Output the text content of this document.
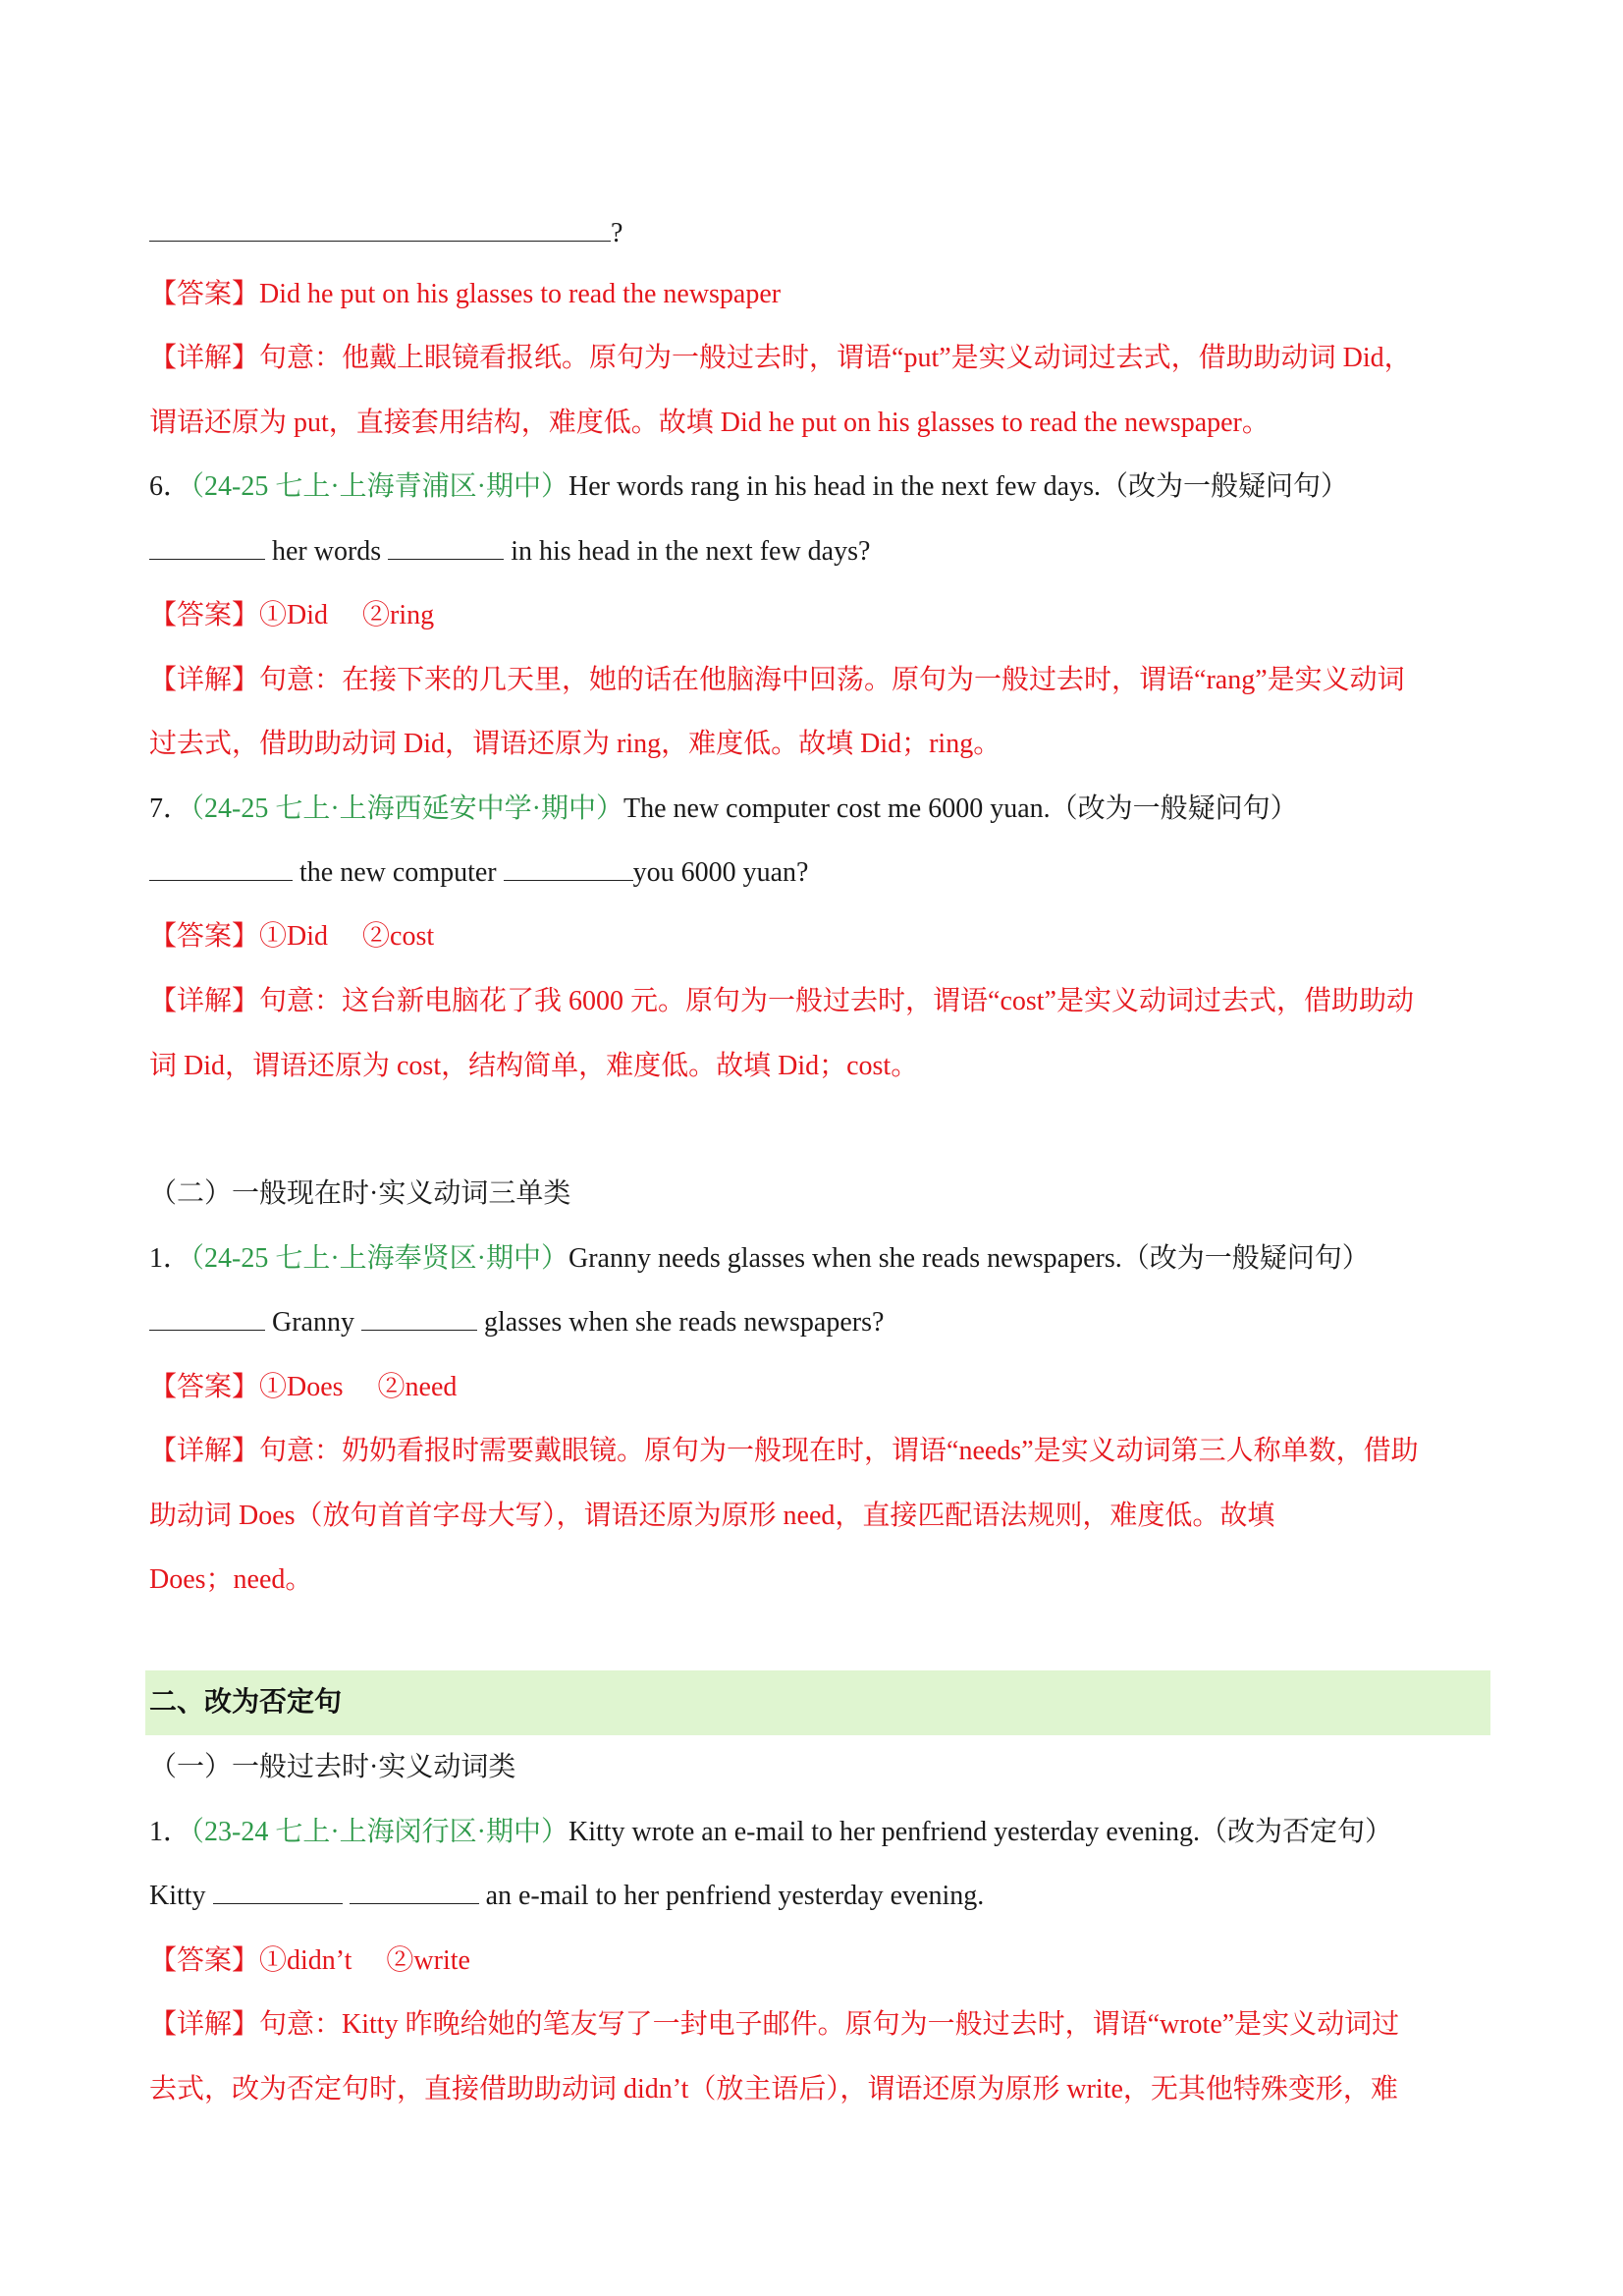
?
【答案】Did he put on his glasses to read the newspaper
【详解】句意：他戴上眼镜看报纸。原句为一般过去时，谓语“put”是实义动词过去式，借助助动词 Did，
谓语还原为 put，直接套用结构，难度低。故填 Did he put on his glasses to read the newspaper。
6．（24-25 七上·上海青浦区·期中）Her words rang in his head in the next few days.（改为一般疑问句）
her words	in his head in the next few days?
【答案】①Did　 ②ring
【详解】句意：在接下来的几天里，她的话在他脑海中回荡。原句为一般过去时，谓语“rang”是实义动词
过去式，借助助动词 Did，谓语还原为 ring，难度低。故填 Did；ring。
7．（24-25 七上·上海西延安中学·期中）The new computer cost me 6000 yuan.（改为一般疑问句）
the new computer	you 6000 yuan?
【答案】①Did　 ②cost
【详解】句意：这台新电脑花了我 6000 元。原句为一般过去时，谓语“cost”是实义动词过去式，借助助动
词 Did，谓语还原为 cost，结构简单，难度低。故填 Did；cost。
（二）一般现在时·实义动词三单类
1．（24-25 七上·上海奉贤区·期中）Granny needs glasses when she reads newspapers.（改为一般疑问句）
Granny	glasses when she reads newspapers?
【答案】①Does　 ②need
【详解】句意：奶奶看报时需要戴眼镜。原句为一般现在时，谓语“needs”是实义动词第三人称单数，借助
助动词 Does（放句首首字母大写），谓语还原为原形 need，直接匹配语法规则，难度低。故填
Does；need。
二、改为否定句
（一）一般过去时·实义动词类
1．（23-24 七上·上海闵行区·期中）Kitty wrote an e-mail to her penfriend yesterday evening.（改为否定句）
Kitty	an e-mail to her penfriend yesterday evening.
【答案】①didn’t　 ②write
【详解】句意：Kitty 昨晚给她的笔友写了一封电子邮件。原句为一般过去时，谓语“wrote”是实义动词过
去式，改为否定句时，直接借助助动词 didn’t（放主语后），谓语还原为原形 write，无其他特殊变形，难
